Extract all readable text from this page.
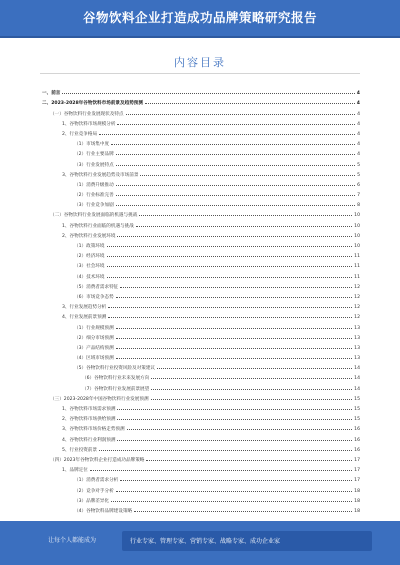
谷物饮料企业打造成功品牌策略研究报告
内容目录
一、前言	4
二、2023-2028年谷物饮料市场前景及趋势预测	4
（一）谷物饮料行业发展现状及特点	4
1、谷物饮料市场规模分析	4
2、行业竞争格局	4
（1）市场集中度	4
（2）行业主要品牌	4
（3）行业发展特点	5
3、谷物饮料行业发展趋势及市场前景	5
（1）消费升级推动	6
（2）行业标准完善	7
（3）行业竞争加剧	8
（二）谷物饮料行业发展面临的机遇与挑战	10
1、谷物饮料行业面临的机遇与挑战	10
2、谷物饮料行业发展环境	10
（1）政策环境	10
（2）经济环境	11
（3）社会环境	11
（4）技术环境	11
（5）消费者需求特征	12
（6）市场竞争态势	12
3、行业发展趋势分析	12
4、行业发展前景预测	12
（1）行业规模预测	13
（2）细分市场预测	13
（3）产品结构预测	13
（4）区域市场预测	13
（5）谷物饮料行业投资风险及对策建议	14
（6）谷物饮料行业未来发展方向	14
（7）谷物饮料行业发展前景展望	14
（三）2023-2028年中国谷物饮料行业发展预测	15
1、谷物饮料市场需求预测	15
2、谷物饮料市场供给预测	15
3、谷物饮料市场价格走势预测	16
4、谷物饮料行业利润预测	16
5、行业投资前景	16
（四）2023年谷物饮料企业打造成功品牌策略	17
1、品牌定位	17
（1）消费者需求分析	17
（2）竞争对手分析	18
（3）品牌差异化	18
（4）谷物饮料品牌建设策略	18
让每个人都能成为	行业专家、管理专家、营销专家、战略专家、成功企业家
